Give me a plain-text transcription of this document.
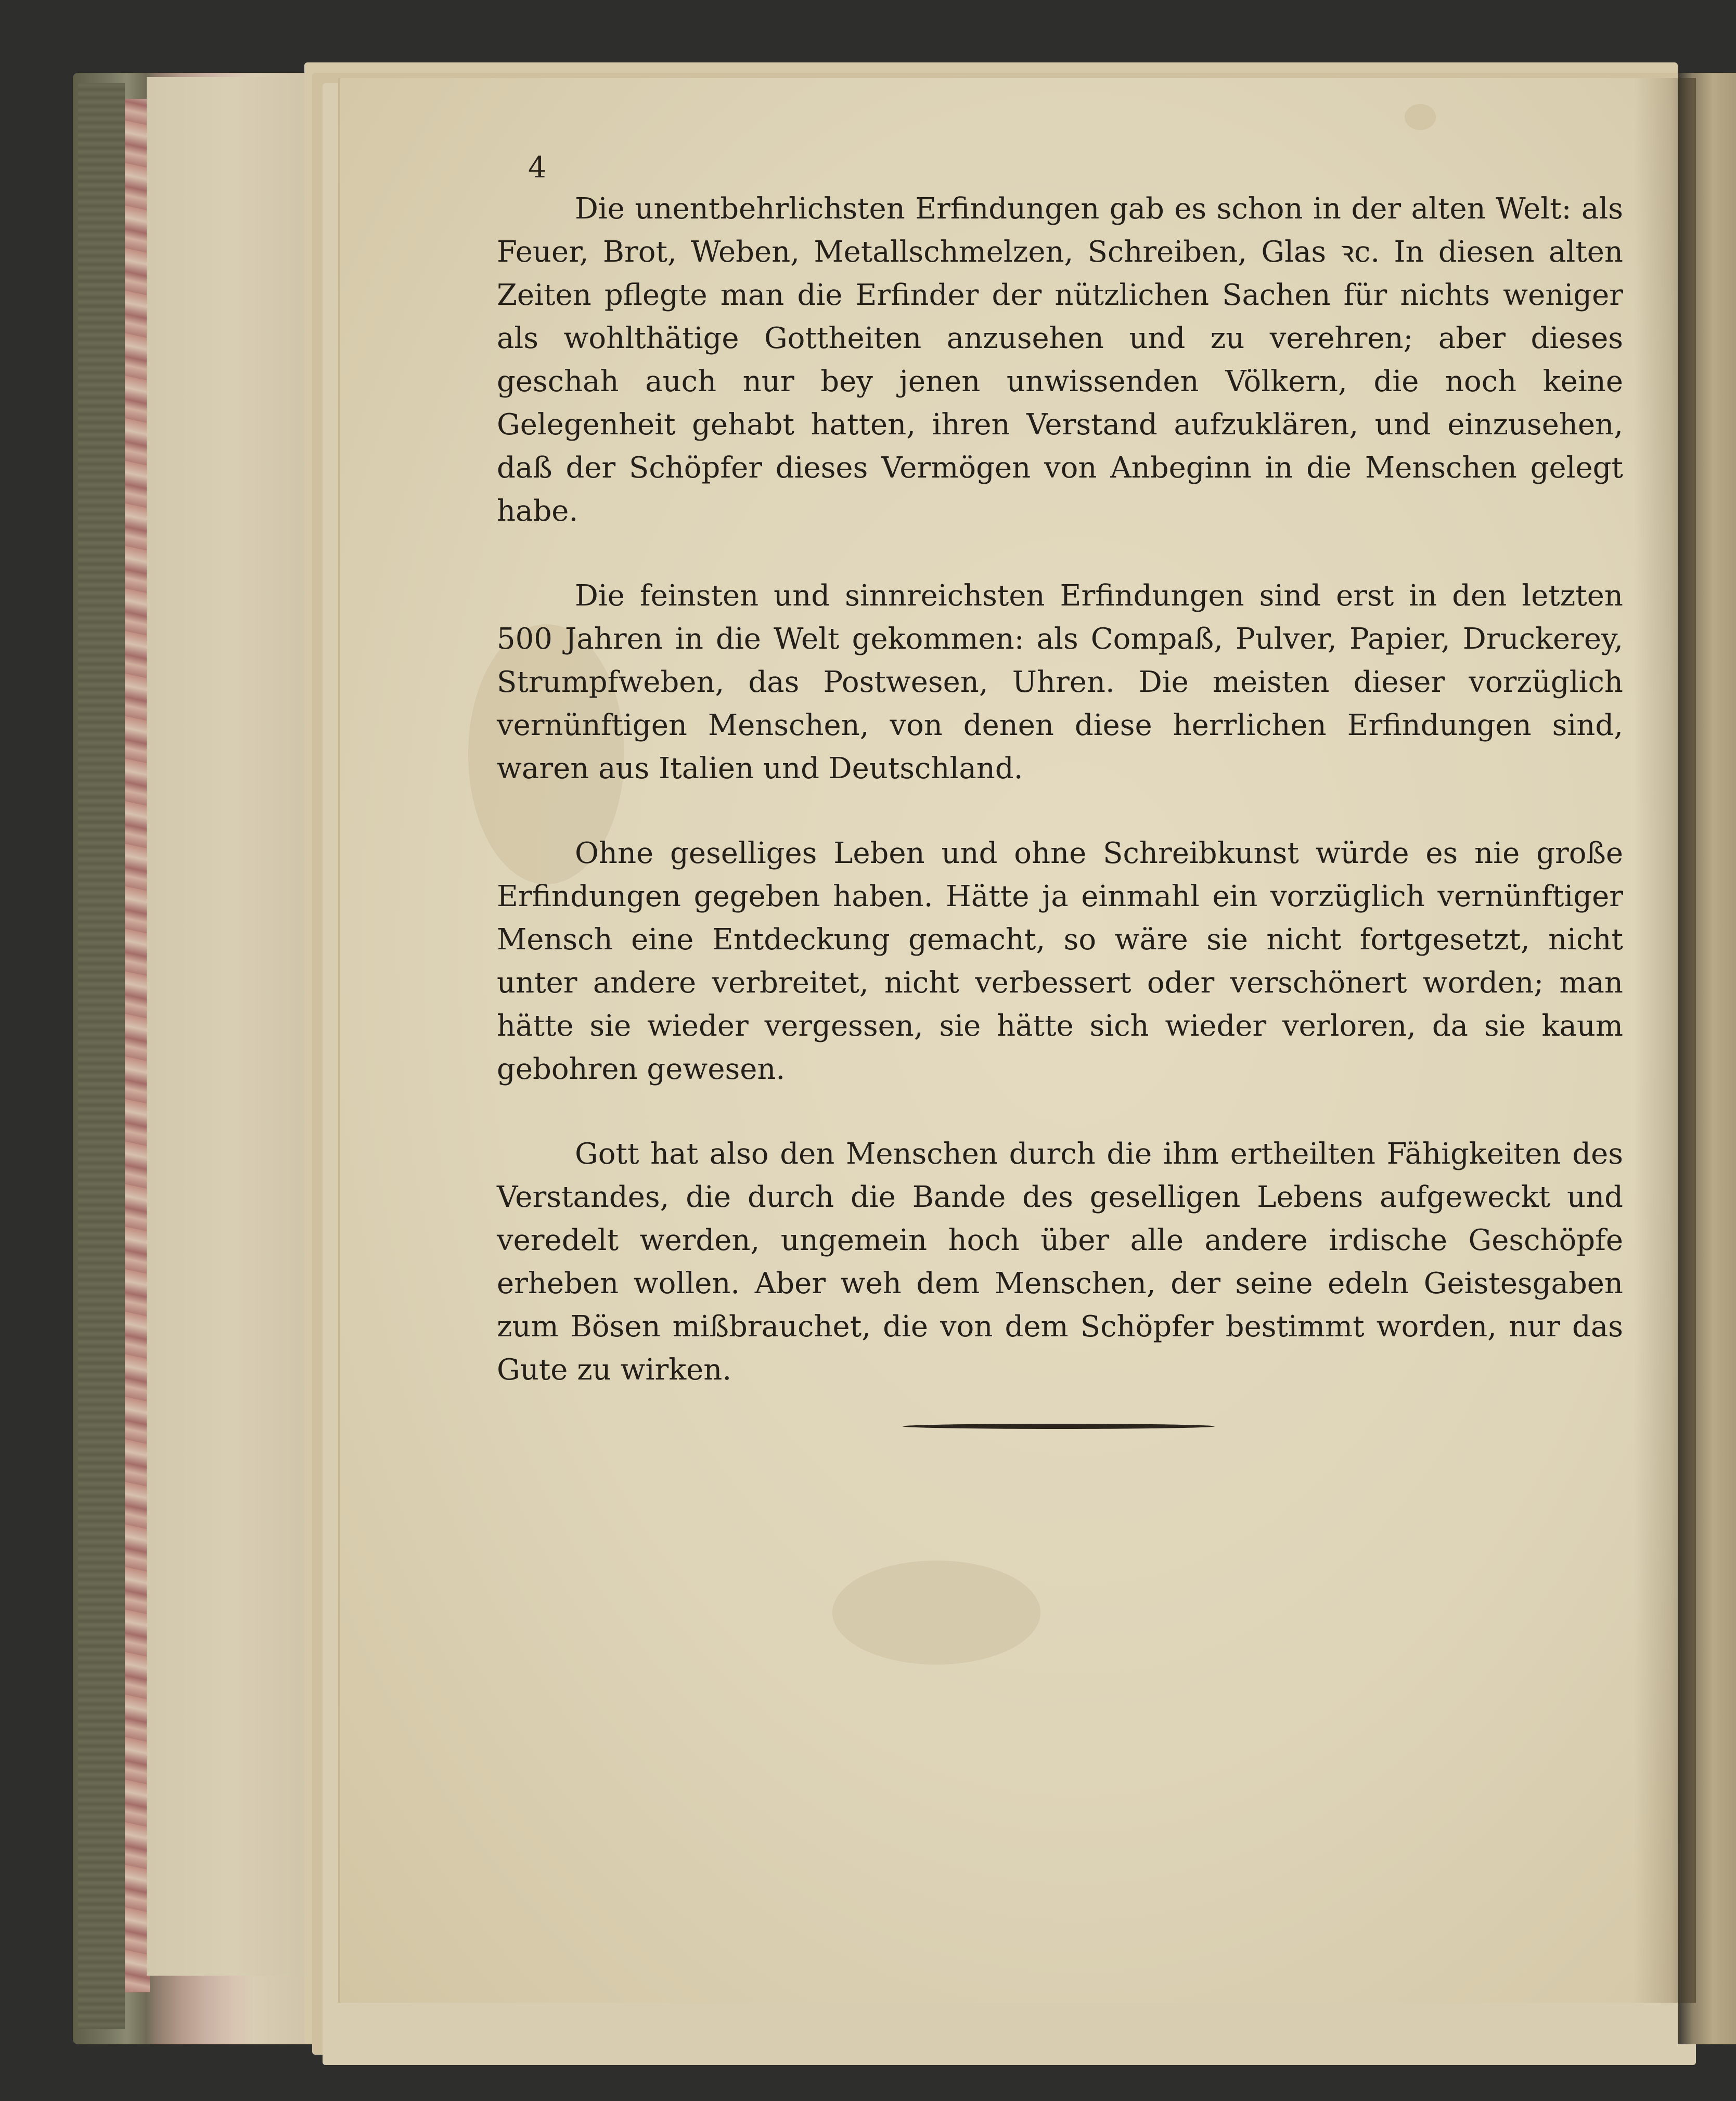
4

Die unentbehrlichsten Erfindungen gab es schon in der alten Welt: als Feuer, Brot, Weben, Metallschmelzen, Schreiben, Glas ꝛc. In diesen alten Zeiten pflegte man die Erfinder der nützlichen Sachen für nichts weniger als wohlthätige Gottheiten anzusehen und zu verehren; aber dieses geschah auch nur bey jenen unwissenden Völkern, die noch keine Gelegenheit gehabt hatten, ihren Verstand aufzuklären, und einzusehen, daß der Schöpfer dieses Vermögen von Anbeginn in die Menschen gelegt habe.

Die feinsten und sinnreichsten Erfindungen sind erst in den letzten 500 Jahren in die Welt gekommen: als Compaß, Pulver, Papier, Druckerey, Strumpfweben, das Postwesen, Uhren. Die meisten dieser vorzüglich vernünftigen Menschen, von denen diese herrlichen Erfindungen sind, waren aus Italien und Deutschland.

Ohne geselliges Leben und ohne Schreibkunst würde es nie große Erfindungen gegeben haben. Hätte ja einmahl ein vorzüglich vernünftiger Mensch eine Entdeckung gemacht, so wäre sie nicht fortgesetzt, nicht unter andere verbreitet, nicht verbessert oder verschönert worden; man hätte sie wieder vergessen, sie hätte sich wieder verloren, da sie kaum gebohren gewesen.

Gott hat also den Menschen durch die ihm ertheilten Fähigkeiten des Verstandes, die durch die Bande des geselligen Lebens aufgeweckt und veredelt werden, ungemein hoch über alle andere irdische Geschöpfe erheben wollen. Aber weh dem Menschen, der seine edeln Geistesgaben zum Bösen mißbrauchet, die von dem Schöpfer bestimmt worden, nur das Gute zu wirken.
